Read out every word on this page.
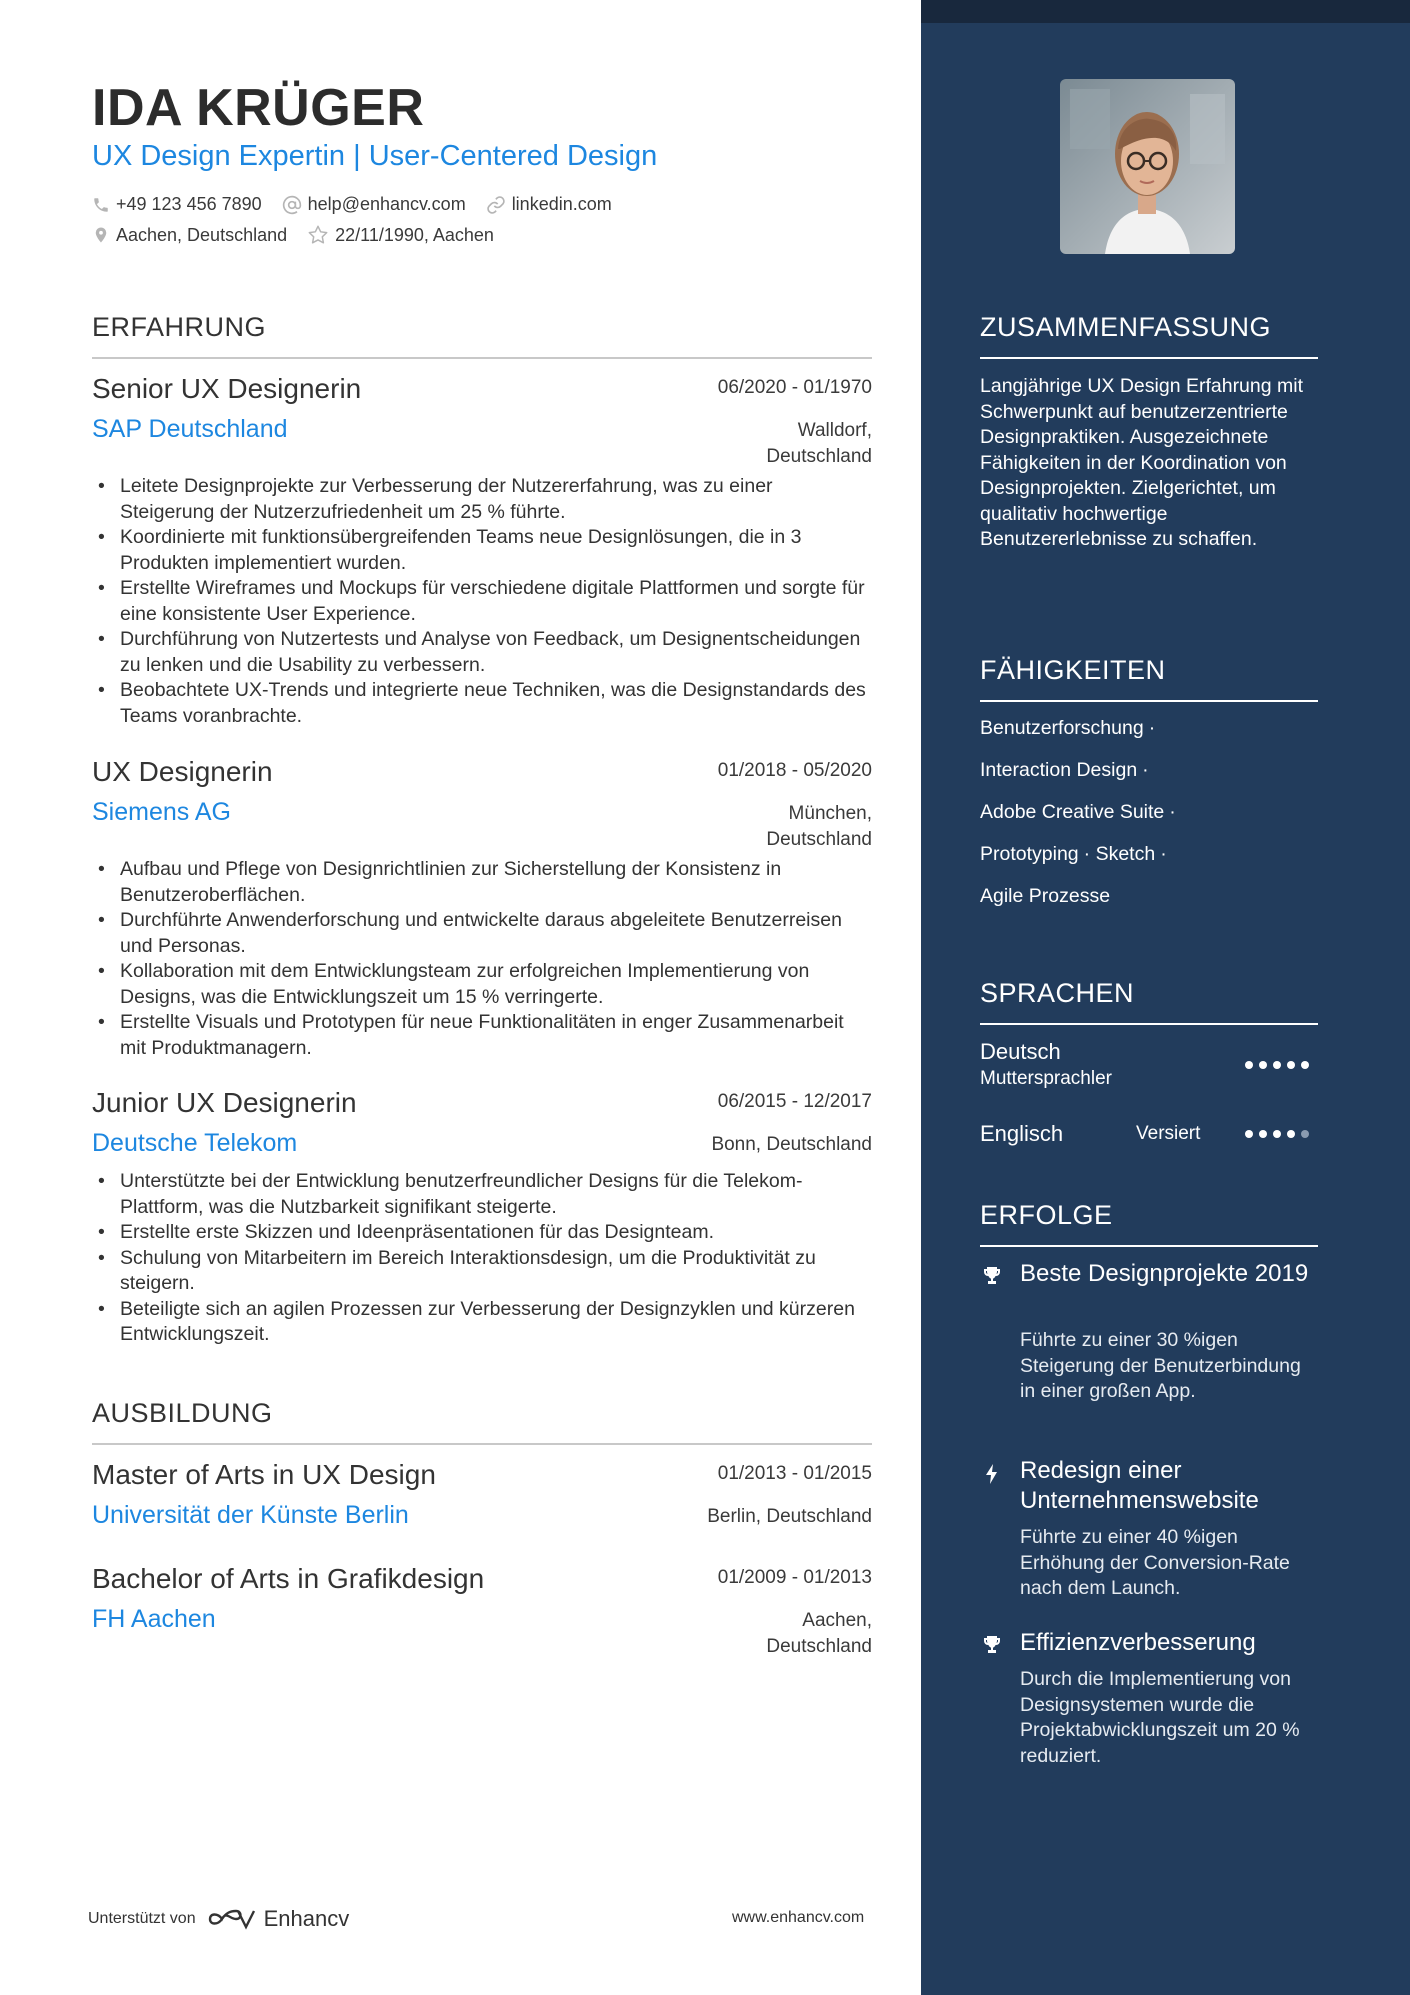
IDA KRÜGER
UX Design Expertin | User-Centered Design
+49 123 456 7890	help@enhancv.com	linkedin.com
Aachen, Deutschland	22/11/1990, Aachen
ERFAHRUNG
Senior UX Designerin	06/2020 - 01/1970
SAP Deutschland	Walldorf,
Deutschland
• Leitete Designprojekte zur Verbesserung der Nutzererfahrung, was zu einer Steigerung der Nutzerzufriedenheit um 25 % führte.
• Koordinierte mit funktionsübergreifenden Teams neue Designlösungen, die in 3 Produkten implementiert wurden.
• Erstellte Wireframes und Mockups für verschiedene digitale Plattformen und sorgte für eine konsistente User Experience.
• Durchführung von Nutzertests und Analyse von Feedback, um Designentscheidungen zu lenken und die Usability zu verbessern.
• Beobachtete UX-Trends und integrierte neue Techniken, was die Designstandards des Teams voranbrachte.
UX Designerin	01/2018 - 05/2020
Siemens AG	München,
Deutschland
• Aufbau und Pflege von Designrichtlinien zur Sicherstellung der Konsistenz in Benutzeroberflächen.
• Durchführte Anwenderforschung und entwickelte daraus abgeleitete Benutzerreisen und Personas.
• Kollaboration mit dem Entwicklungsteam zur erfolgreichen Implementierung von Designs, was die Entwicklungszeit um 15 % verringerte.
• Erstellte Visuals und Prototypen für neue Funktionalitäten in enger Zusammenarbeit mit Produktmanagern.
Junior UX Designerin	06/2015 - 12/2017
Deutsche Telekom	Bonn, Deutschland
• Unterstützte bei der Entwicklung benutzerfreundlicher Designs für die Telekom-Plattform, was die Nutzbarkeit signifikant steigerte.
• Erstellte erste Skizzen und Ideenpräsentationen für das Designteam.
• Schulung von Mitarbeitern im Bereich Interaktionsdesign, um die Produktivität zu steigern.
• Beteiligte sich an agilen Prozessen zur Verbesserung der Designzyklen und kürzeren Entwicklungszeit.
AUSBILDUNG
Master of Arts in UX Design	01/2013 - 01/2015
Universität der Künste Berlin	Berlin, Deutschland
Bachelor of Arts in Grafikdesign	01/2009 - 01/2013
FH Aachen	Aachen,
Deutschland
ZUSAMMENFASSUNG
Langjährige UX Design Erfahrung mit Schwerpunkt auf benutzerzentrierte Designpraktiken. Ausgezeichnete Fähigkeiten in der Koordination von Designprojekten. Zielgerichtet, um qualitativ hochwertige Benutzererlebnisse zu schaffen.
FÄHIGKEITEN
Benutzerforschung ·
Interaction Design ·
Adobe Creative Suite ·
Prototyping · Sketch ·
Agile Prozesse
SPRACHEN
Deutsch
Muttersprachler
Englisch	Versiert
ERFOLGE
Beste Designprojekte 2019
Führte zu einer 30 %igen Steigerung der Benutzerbindung in einer großen App.
Redesign einer Unternehmenswebsite
Führte zu einer 40 %igen Erhöhung der Conversion-Rate nach dem Launch.
Effizienzverbesserung
Durch die Implementierung von Designsystemen wurde die Projektabwicklungszeit um 20 % reduziert.
Unterstützt von	Enhancv	www.enhancv.com
